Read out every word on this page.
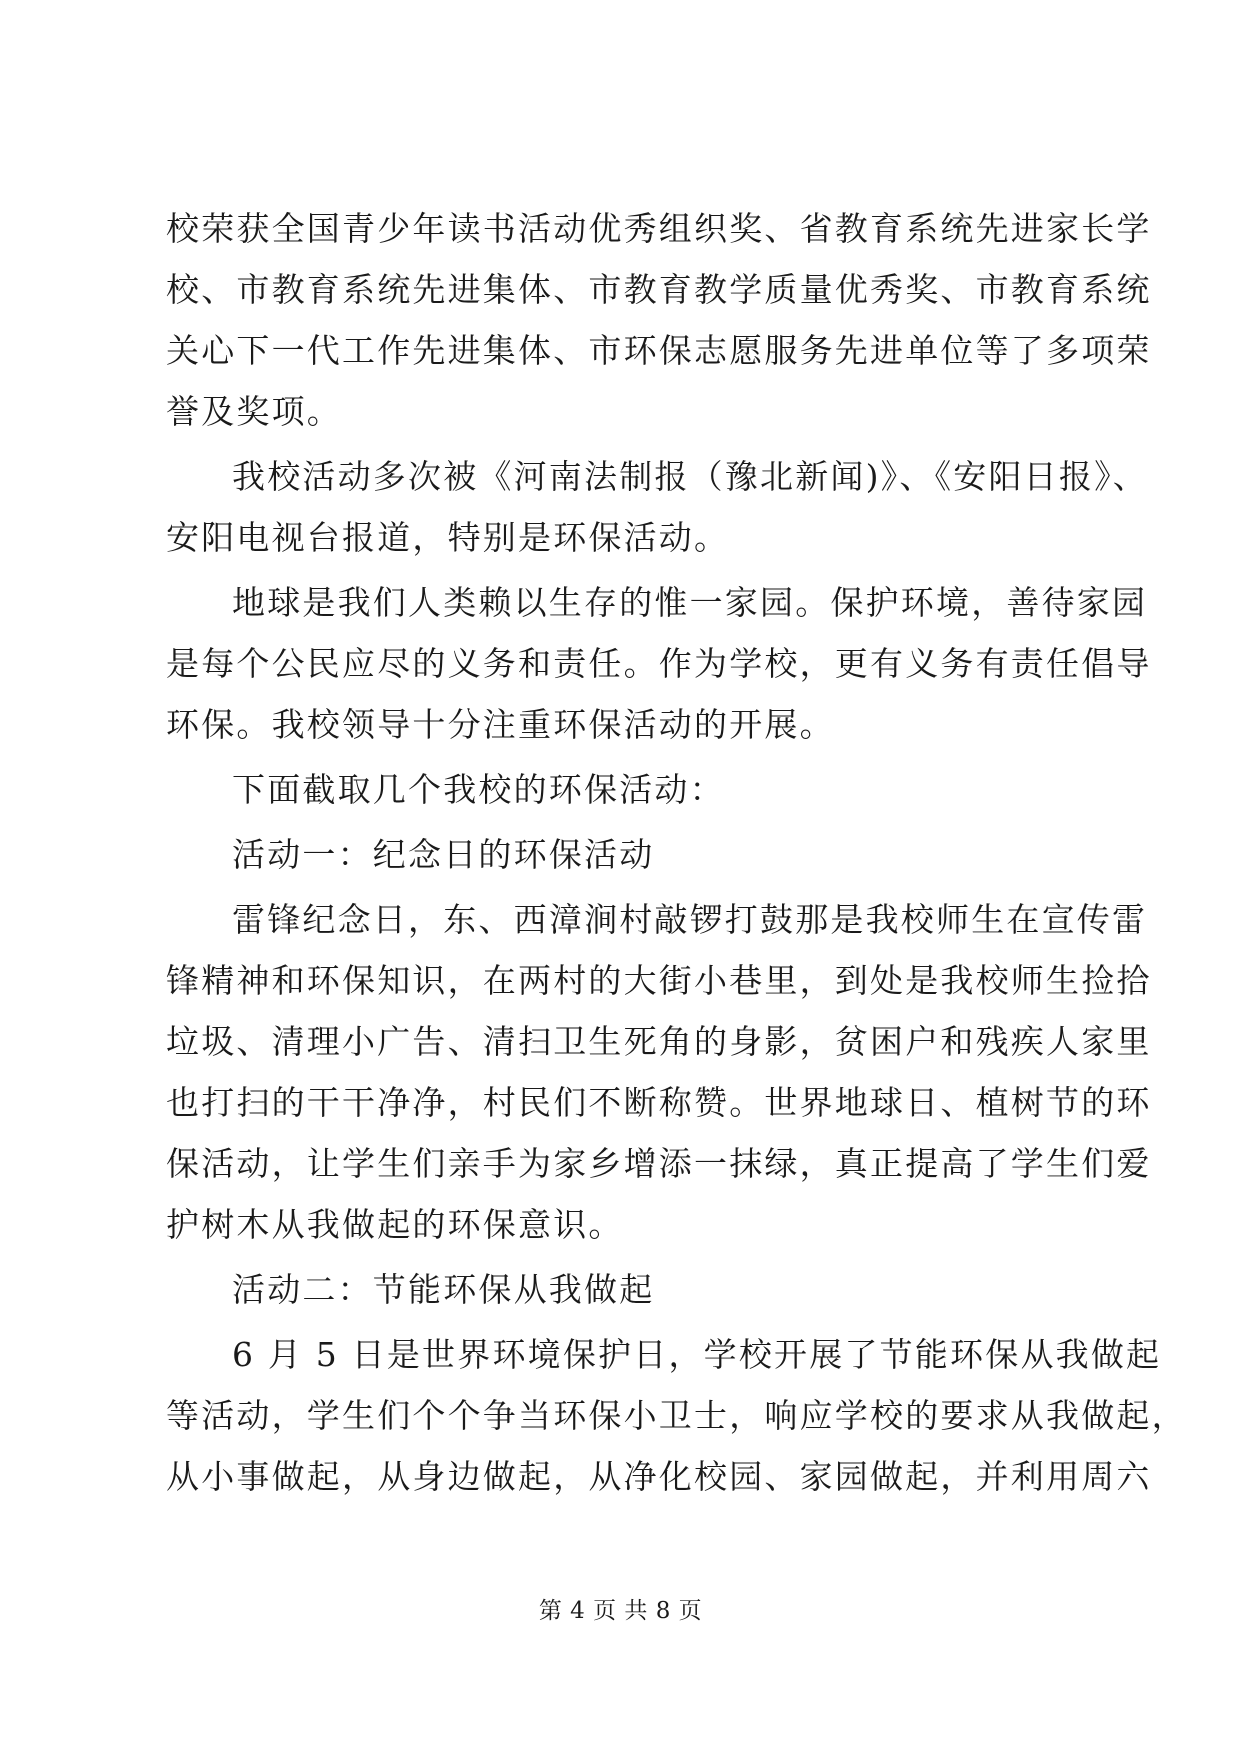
校荣获全国青少年读书活动优秀组织奖、省教育系统先进家长学
校、市教育系统先进集体、市教育教学质量优秀奖、市教育系统
关心下一代工作先进集体、市环保志愿服务先进单位等了多项荣
誉及奖项。
我校活动多次被《河南法制报（豫北新闻)》、《安阳日报》、
安阳电视台报道，特别是环保活动。
地球是我们人类赖以生存的惟一家园。保护环境，善待家园
是每个公民应尽的义务和责任。作为学校，更有义务有责任倡导
环保。我校领导十分注重环保活动的开展。
下面截取几个我校的环保活动：
活动一：纪念日的环保活动
雷锋纪念日，东、西漳涧村敲锣打鼓那是我校师生在宣传雷
锋精神和环保知识，在两村的大街小巷里，到处是我校师生捡拾
垃圾、清理小广告、清扫卫生死角的身影，贫困户和残疾人家里
也打扫的干干净净，村民们不断称赞。世界地球日、植树节的环
保活动，让学生们亲手为家乡增添一抹绿，真正提高了学生们爱
护树木从我做起的环保意识。
活动二：节能环保从我做起
6 月 5 日是世界环境保护日，学校开展了节能环保从我做起
等活动，学生们个个争当环保小卫士，响应学校的要求从我做起，
从小事做起，从身边做起，从净化校园、家园做起，并利用周六
第 4 页 共 8 页
